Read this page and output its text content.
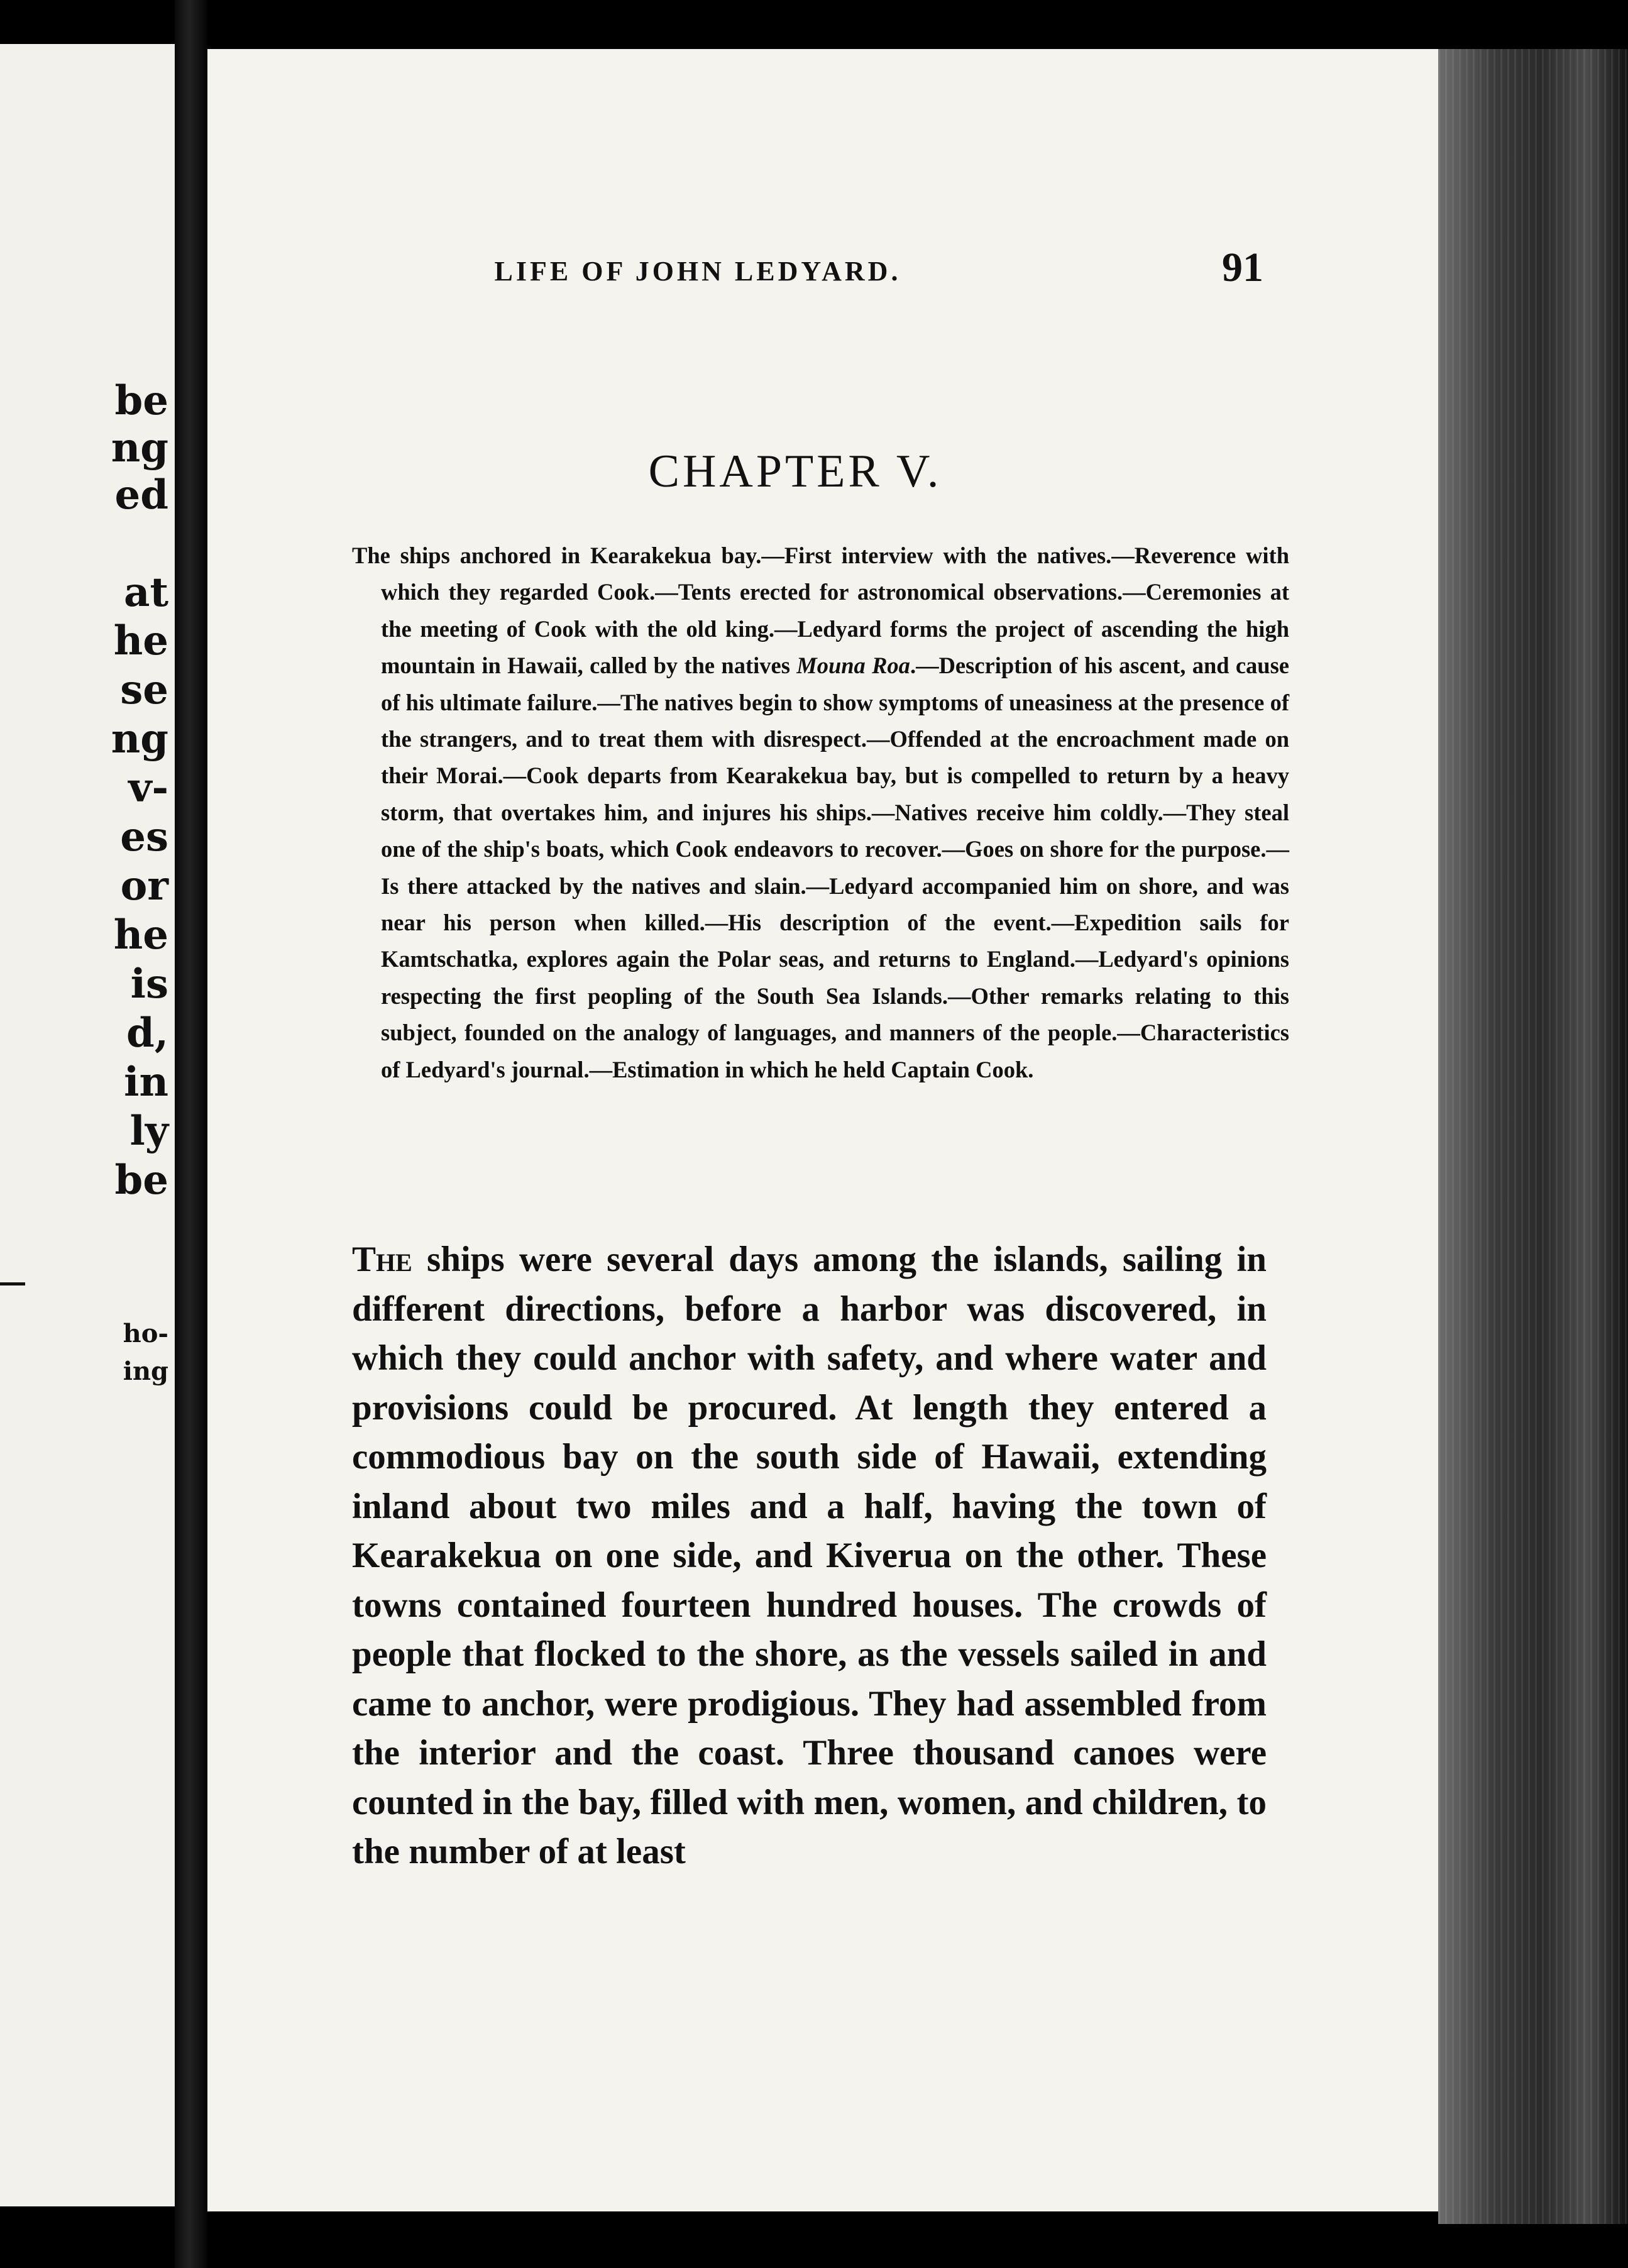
be

ng

ed

at

he

se

ng

v-

es

or

he

is

d,

in

ly

be

ho-

ing

LIFE OF JOHN LEDYARD.	91
CHAPTER V.

The ships anchored in Kearakekua bay.—First interview with the natives.—Reverence with which they regarded Cook.—Tents erected for astronomical observations.—Ceremonies at the meeting of Cook with the old king.—Ledyard forms the project of ascending the high mountain in Hawaii, called by the natives Mouna Roa.—Description of his ascent, and cause of his ultimate failure.—The natives begin to show symptoms of uneasiness at the presence of the strangers, and to treat them with disrespect.—Offended at the encroachment made on their Morai.—Cook departs from Kearakekua bay, but is compelled to return by a heavy storm, that overtakes him, and injures his ships.—Natives receive him coldly.—They steal one of the ship's boats, which Cook endeavors to recover.—Goes on shore for the purpose.—Is there attacked by the natives and slain.—Ledyard accompanied him on shore, and was near his person when killed.—His description of the event.—Expedition sails for Kamtschatka, explores again the Polar seas, and returns to England.—Ledyard's opinions respecting the first peopling of the South Sea Islands.—Other remarks relating to this subject, founded on the analogy of languages, and manners of the people.—Characteristics of Ledyard's journal.—Estimation in which he held Captain Cook.

The ships were several days among the islands, sailing in different directions, before a harbor was discovered, in which they could anchor with safety, and where water and provisions could be procured. At length they entered a commodious bay on the south side of Hawaii, extending inland about two miles and a half, having the town of Kearakekua on one side, and Kiverua on the other. These towns contained fourteen hundred houses. The crowds of people that flocked to the shore, as the vessels sailed in and came to anchor, were prodigious. They had assembled from the interior and the coast. Three thousand canoes were counted in the bay, filled with men, women, and children, to the number of at least
